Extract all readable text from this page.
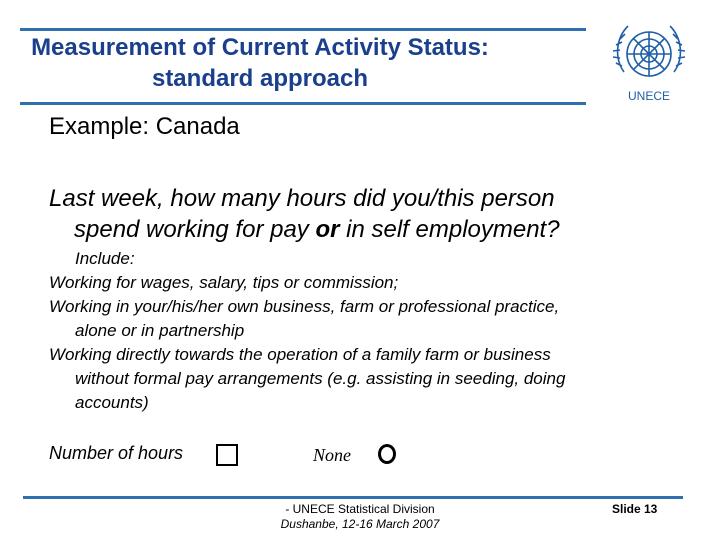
Measurement of Current Activity Status:
standard approach
UNECE
Example: Canada
Last week, how many hours did you/this person
spend working for pay or in self employment?
Include:
Working for wages, salary, tips or commission;
Working in your/his/her own business, farm or professional practice,
alone or in partnership
Working directly towards the operation of a family farm or business
without formal pay arrangements (e.g. assisting in seeding, doing
accounts)
Number of hours	None
- UNECE Statistical Division
Dushanbe, 12-16 March 2007
Slide 13
